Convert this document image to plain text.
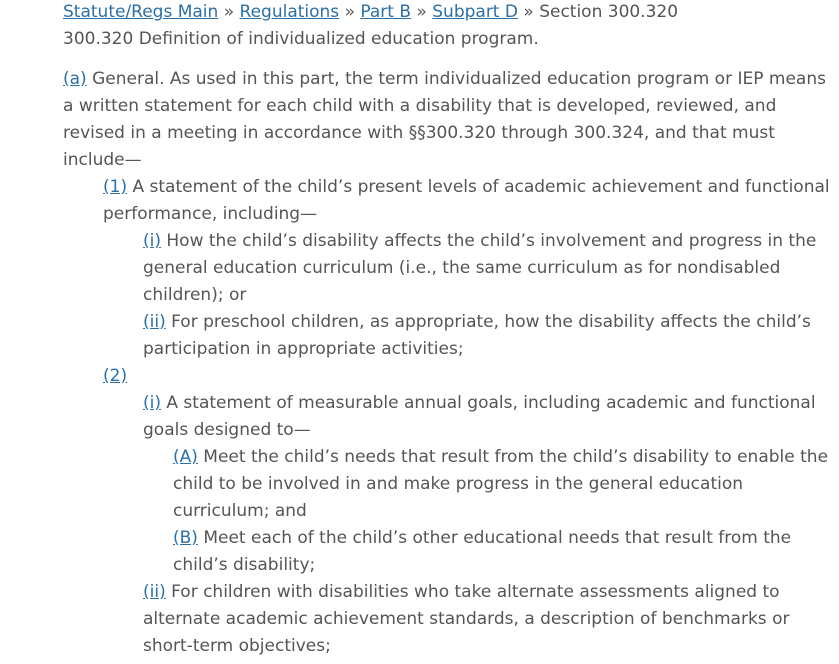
Statute/Regs Main » Regulations » Part B » Subpart D » Section 300.320
300.320 Definition of individualized education program.
(a) General. As used in this part, the term individualized education program or IEP means
a written statement for each child with a disability that is developed, reviewed, and
revised in a meeting in accordance with §§300.320 through 300.324, and that must
include—
(1) A statement of the child’s present levels of academic achievement and functional
performance, including—
(i) How the child’s disability affects the child’s involvement and progress in the
general education curriculum (i.e., the same curriculum as for nondisabled
children); or
(ii) For preschool children, as appropriate, how the disability affects the child’s
participation in appropriate activities;
(2)
(i) A statement of measurable annual goals, including academic and functional
goals designed to—
(A) Meet the child’s needs that result from the child’s disability to enable the
child to be involved in and make progress in the general education
curriculum; and
(B) Meet each of the child’s other educational needs that result from the
child’s disability;
(ii) For children with disabilities who take alternate assessments aligned to
alternate academic achievement standards, a description of benchmarks or
short-term objectives;
